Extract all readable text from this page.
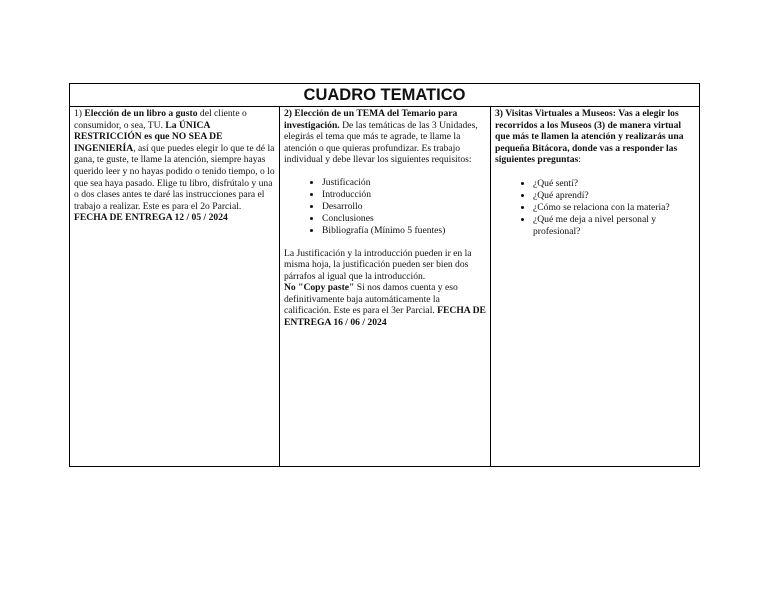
CUADRO TEMATICO

1) Elección de un libro a gusto del cliente o consumidor, o sea, TU. La ÚNICA RESTRICCIÓN es que NO SEA DE INGENIERÍA, así que puedes elegir lo que te dé la gana, te guste, te llame la atención, siempre hayas querido leer y no hayas podido o tenido tiempo, o lo que sea haya pasado. Elige tu libro, disfrútalo y una o dos clases antes te daré las instrucciones para el trabajo a realizar. Este es para el 2o Parcial. FECHA DE ENTREGA 12 / 05 / 2024

2) Elección de un TEMA del Temario para investigación. De las temáticas de las 3 Unidades, elegirás el tema que más te agrade, te llame la atención o que quieras profundizar. Es trabajo individual y debe llevar los siguientes requisitos:

• Justificación
• Introducción
• Desarrollo
• Conclusiones
• Bibliografía (Mínimo 5 fuentes)

La Justificación y la introducción pueden ir en la misma hoja, la justificación pueden ser bien dos párrafos al igual que la introducción.
No "Copy paste" Si nos damos cuenta y eso definitivamente baja automáticamente la calificación. Este es para el 3er Parcial. FECHA DE ENTREGA 16 / 06 / 2024

3) Visitas Virtuales a Museos: Vas a elegir los recorridos a los Museos (3) de manera virtual que más te llamen la atención y realizarás una pequeña Bitácora, donde vas a responder las siguientes preguntas:

• ¿Qué sentí?
• ¿Qué aprendí?
• ¿Cómo se relaciona con la materia?
• ¿Qué me deja a nivel personal y profesional?
